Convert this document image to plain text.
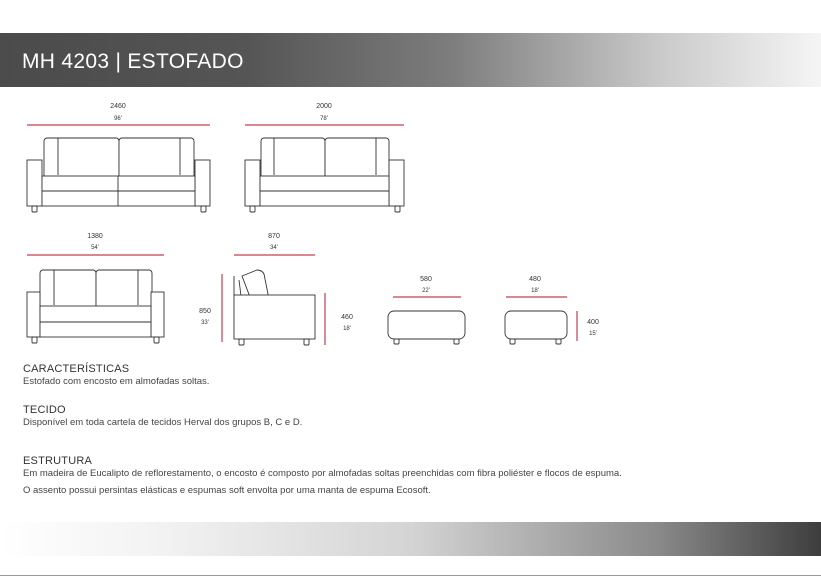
MH 4203 | ESTOFADO
2460
96'
2000
78'
1380
54'
870
34'
850
33'
460
18'
580
22'
480
18'
400
15'
CARACTERÍSTICAS
Estofado com encosto em almofadas soltas.
TECIDO
Disponível em toda cartela de tecidos Herval dos grupos B, C e D.
ESTRUTURA
Em madeira de Eucalipto de reflorestamento, o encosto é composto por almofadas soltas preenchidas com fibra poliéster e flocos de espuma.
O assento possui persintas elásticas e espumas soft envolta por uma manta de espuma Ecosoft.
